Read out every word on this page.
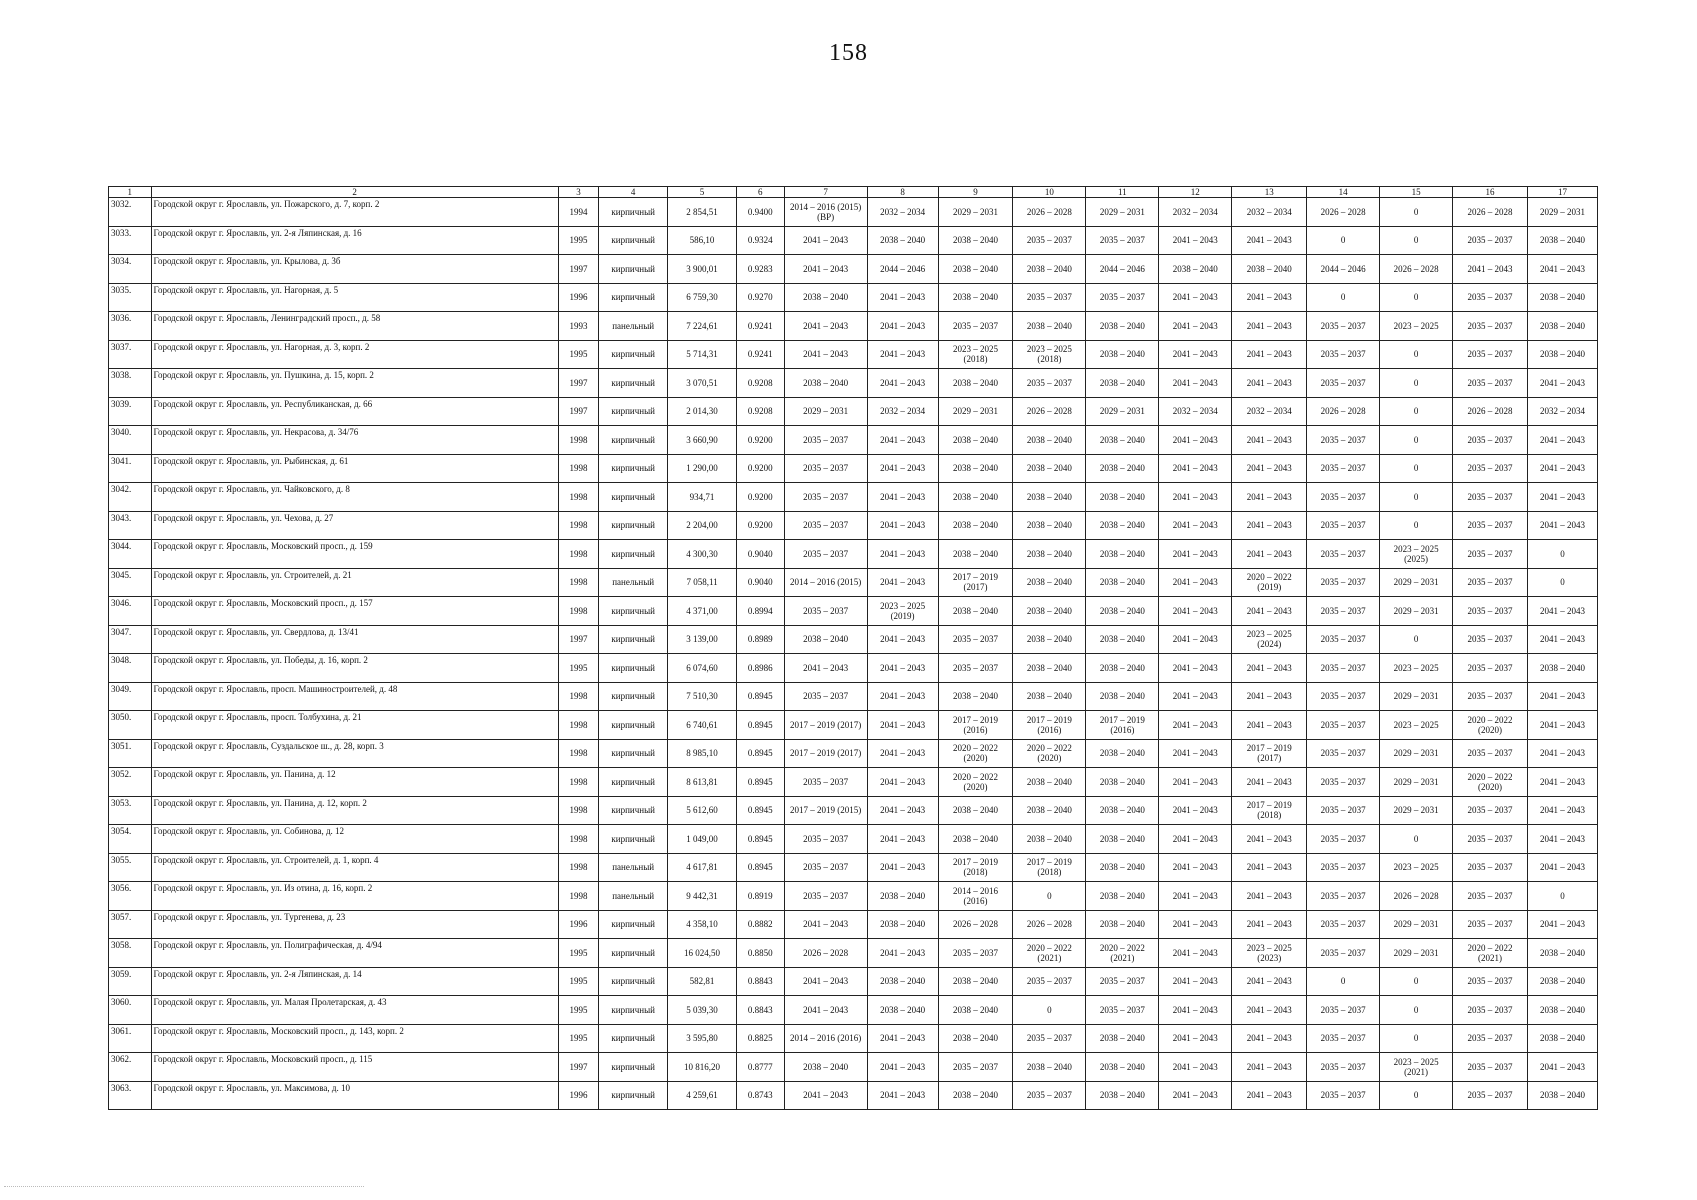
158
1	2	3	4	5	6	7	8	9	10	11	12	13	14	15	16	17
3032.	Городской округ г. Ярославль, ул. Пожарского, д. 7, корп. 2	1994	кирпичный	2 854,51	0.9400	2014 – 2016 (2015) (ВР)	2032 – 2034	2029 – 2031	2026 – 2028	2029 – 2031	2032 – 2034	2032 – 2034	2026 – 2028	0	2026 – 2028	2029 – 2031
3033.	Городской округ г. Ярославль, ул. 2-я Ляпинская, д. 16	1995	кирпичный	586,10	0.9324	2041 – 2043	2038 – 2040	2038 – 2040	2035 – 2037	2035 – 2037	2041 – 2043	2041 – 2043	0	0	2035 – 2037	2038 – 2040
3034.	Городской округ г. Ярославль, ул. Крылова, д. 3б	1997	кирпичный	3 900,01	0.9283	2041 – 2043	2044 – 2046	2038 – 2040	2038 – 2040	2044 – 2046	2038 – 2040	2038 – 2040	2044 – 2046	2026 – 2028	2041 – 2043	2041 – 2043
3035.	Городской округ г. Ярославль, ул. Нагорная, д. 5	1996	кирпичный	6 759,30	0.9270	2038 – 2040	2041 – 2043	2038 – 2040	2035 – 2037	2035 – 2037	2041 – 2043	2041 – 2043	0	0	2035 – 2037	2038 – 2040
3036.	Городской округ г. Ярославль, Ленинградский просп., д. 58	1993	панельный	7 224,61	0.9241	2041 – 2043	2041 – 2043	2035 – 2037	2038 – 2040	2038 – 2040	2041 – 2043	2041 – 2043	2035 – 2037	2023 – 2025	2035 – 2037	2038 – 2040
3037.	Городской округ г. Ярославль, ул. Нагорная, д. 3, корп. 2	1995	кирпичный	5 714,31	0.9241	2041 – 2043	2041 – 2043	2023 – 2025 (2018)	2023 – 2025 (2018)	2038 – 2040	2041 – 2043	2041 – 2043	2035 – 2037	0	2035 – 2037	2038 – 2040
3038.	Городской округ г. Ярославль, ул. Пушкина, д. 15, корп. 2	1997	кирпичный	3 070,51	0.9208	2038 – 2040	2041 – 2043	2038 – 2040	2035 – 2037	2038 – 2040	2041 – 2043	2041 – 2043	2035 – 2037	0	2035 – 2037	2041 – 2043
3039.	Городской округ г. Ярославль, ул. Республиканская, д. 66	1997	кирпичный	2 014,30	0.9208	2029 – 2031	2032 – 2034	2029 – 2031	2026 – 2028	2029 – 2031	2032 – 2034	2032 – 2034	2026 – 2028	0	2026 – 2028	2032 – 2034
3040.	Городской округ г. Ярославль, ул. Некрасова, д. 34/76	1998	кирпичный	3 660,90	0.9200	2035 – 2037	2041 – 2043	2038 – 2040	2038 – 2040	2038 – 2040	2041 – 2043	2041 – 2043	2035 – 2037	0	2035 – 2037	2041 – 2043
3041.	Городской округ г. Ярославль, ул. Рыбинская, д. 61	1998	кирпичный	1 290,00	0.9200	2035 – 2037	2041 – 2043	2038 – 2040	2038 – 2040	2038 – 2040	2041 – 2043	2041 – 2043	2035 – 2037	0	2035 – 2037	2041 – 2043
3042.	Городской округ г. Ярославль, ул. Чайковского, д. 8	1998	кирпичный	934,71	0.9200	2035 – 2037	2041 – 2043	2038 – 2040	2038 – 2040	2038 – 2040	2041 – 2043	2041 – 2043	2035 – 2037	0	2035 – 2037	2041 – 2043
3043.	Городской округ г. Ярославль, ул. Чехова, д. 27	1998	кирпичный	2 204,00	0.9200	2035 – 2037	2041 – 2043	2038 – 2040	2038 – 2040	2038 – 2040	2041 – 2043	2041 – 2043	2035 – 2037	0	2035 – 2037	2041 – 2043
3044.	Городской округ г. Ярославль, Московский просп., д. 159	1998	кирпичный	4 300,30	0.9040	2035 – 2037	2041 – 2043	2038 – 2040	2038 – 2040	2038 – 2040	2041 – 2043	2041 – 2043	2035 – 2037	2023 – 2025 (2025)	2035 – 2037	0
3045.	Городской округ г. Ярославль, ул. Строителей, д. 21	1998	панельный	7 058,11	0.9040	2014 – 2016 (2015)	2041 – 2043	2017 – 2019 (2017)	2038 – 2040	2038 – 2040	2041 – 2043	2020 – 2022 (2019)	2035 – 2037	2029 – 2031	2035 – 2037	0
3046.	Городской округ г. Ярославль, Московский просп., д. 157	1998	кирпичный	4 371,00	0.8994	2035 – 2037	2023 – 2025 (2019)	2038 – 2040	2038 – 2040	2038 – 2040	2041 – 2043	2041 – 2043	2035 – 2037	2029 – 2031	2035 – 2037	2041 – 2043
3047.	Городской округ г. Ярославль, ул. Свердлова, д. 13/41	1997	кирпичный	3 139,00	0.8989	2038 – 2040	2041 – 2043	2035 – 2037	2038 – 2040	2038 – 2040	2041 – 2043	2023 – 2025 (2024)	2035 – 2037	0	2035 – 2037	2041 – 2043
3048.	Городской округ г. Ярославль, ул. Победы, д. 16, корп. 2	1995	кирпичный	6 074,60	0.8986	2041 – 2043	2041 – 2043	2035 – 2037	2038 – 2040	2038 – 2040	2041 – 2043	2041 – 2043	2035 – 2037	2023 – 2025	2035 – 2037	2038 – 2040
3049.	Городской округ г. Ярославль, просп. Машиностроителей, д. 48	1998	кирпичный	7 510,30	0.8945	2035 – 2037	2041 – 2043	2038 – 2040	2038 – 2040	2038 – 2040	2041 – 2043	2041 – 2043	2035 – 2037	2029 – 2031	2035 – 2037	2041 – 2043
3050.	Городской округ г. Ярославль, просп. Толбухина, д. 21	1998	кирпичный	6 740,61	0.8945	2017 – 2019 (2017)	2041 – 2043	2017 – 2019 (2016)	2017 – 2019 (2016)	2017 – 2019 (2016)	2041 – 2043	2041 – 2043	2035 – 2037	2023 – 2025	2020 – 2022 (2020)	2041 – 2043
3051.	Городской округ г. Ярославль, Суздальское ш., д. 28, корп. 3	1998	кирпичный	8 985,10	0.8945	2017 – 2019 (2017)	2041 – 2043	2020 – 2022 (2020)	2020 – 2022 (2020)	2038 – 2040	2041 – 2043	2017 – 2019 (2017)	2035 – 2037	2029 – 2031	2035 – 2037	2041 – 2043
3052.	Городской округ г. Ярославль, ул. Панина, д. 12	1998	кирпичный	8 613,81	0.8945	2035 – 2037	2041 – 2043	2020 – 2022 (2020)	2038 – 2040	2038 – 2040	2041 – 2043	2041 – 2043	2035 – 2037	2029 – 2031	2020 – 2022 (2020)	2041 – 2043
3053.	Городской округ г. Ярославль, ул. Панина, д. 12, корп. 2	1998	кирпичный	5 612,60	0.8945	2017 – 2019 (2015)	2041 – 2043	2038 – 2040	2038 – 2040	2038 – 2040	2041 – 2043	2017 – 2019 (2018)	2035 – 2037	2029 – 2031	2035 – 2037	2041 – 2043
3054.	Городской округ г. Ярославль, ул. Собинова, д. 12	1998	кирпичный	1 049,00	0.8945	2035 – 2037	2041 – 2043	2038 – 2040	2038 – 2040	2038 – 2040	2041 – 2043	2041 – 2043	2035 – 2037	0	2035 – 2037	2041 – 2043
3055.	Городской округ г. Ярославль, ул. Строителей, д. 1, корп. 4	1998	панельный	4 617,81	0.8945	2035 – 2037	2041 – 2043	2017 – 2019 (2018)	2017 – 2019 (2018)	2038 – 2040	2041 – 2043	2041 – 2043	2035 – 2037	2023 – 2025	2035 – 2037	2041 – 2043
3056.	Городской округ г. Ярославль, ул. Из отина, д. 16, корп. 2	1998	панельный	9 442,31	0.8919	2035 – 2037	2038 – 2040	2014 – 2016 (2016)	0	2038 – 2040	2041 – 2043	2041 – 2043	2035 – 2037	2026 – 2028	2035 – 2037	0
3057.	Городской округ г. Ярославль, ул. Тургенева, д. 23	1996	кирпичный	4 358,10	0.8882	2041 – 2043	2038 – 2040	2026 – 2028	2026 – 2028	2038 – 2040	2041 – 2043	2041 – 2043	2035 – 2037	2029 – 2031	2035 – 2037	2041 – 2043
3058.	Городской округ г. Ярославль, ул. Полиграфическая, д. 4/94	1995	кирпичный	16 024,50	0.8850	2026 – 2028	2041 – 2043	2035 – 2037	2020 – 2022 (2021)	2020 – 2022 (2021)	2041 – 2043	2023 – 2025 (2023)	2035 – 2037	2029 – 2031	2020 – 2022 (2021)	2038 – 2040
3059.	Городской округ г. Ярославль, ул. 2-я Ляпинская, д. 14	1995	кирпичный	582,81	0.8843	2041 – 2043	2038 – 2040	2038 – 2040	2035 – 2037	2035 – 2037	2041 – 2043	2041 – 2043	0	0	2035 – 2037	2038 – 2040
3060.	Городской округ г. Ярославль, ул. Малая Пролетарская, д. 43	1995	кирпичный	5 039,30	0.8843	2041 – 2043	2038 – 2040	2038 – 2040	0	2035 – 2037	2041 – 2043	2041 – 2043	2035 – 2037	0	2035 – 2037	2038 – 2040
3061.	Городской округ г. Ярославль, Московский просп., д. 143, корп. 2	1995	кирпичный	3 595,80	0.8825	2014 – 2016 (2016)	2041 – 2043	2038 – 2040	2035 – 2037	2038 – 2040	2041 – 2043	2041 – 2043	2035 – 2037	0	2035 – 2037	2038 – 2040
3062.	Городской округ г. Ярославль, Московский просп., д. 115	1997	кирпичный	10 816,20	0.8777	2038 – 2040	2041 – 2043	2035 – 2037	2038 – 2040	2038 – 2040	2041 – 2043	2041 – 2043	2035 – 2037	2023 – 2025 (2021)	2035 – 2037	2041 – 2043
3063.	Городской округ г. Ярославль, ул. Максимова, д. 10	1996	кирпичный	4 259,61	0.8743	2041 – 2043	2041 – 2043	2038 – 2040	2035 – 2037	2038 – 2040	2041 – 2043	2041 – 2043	2035 – 2037	0	2035 – 2037	2038 – 2040
